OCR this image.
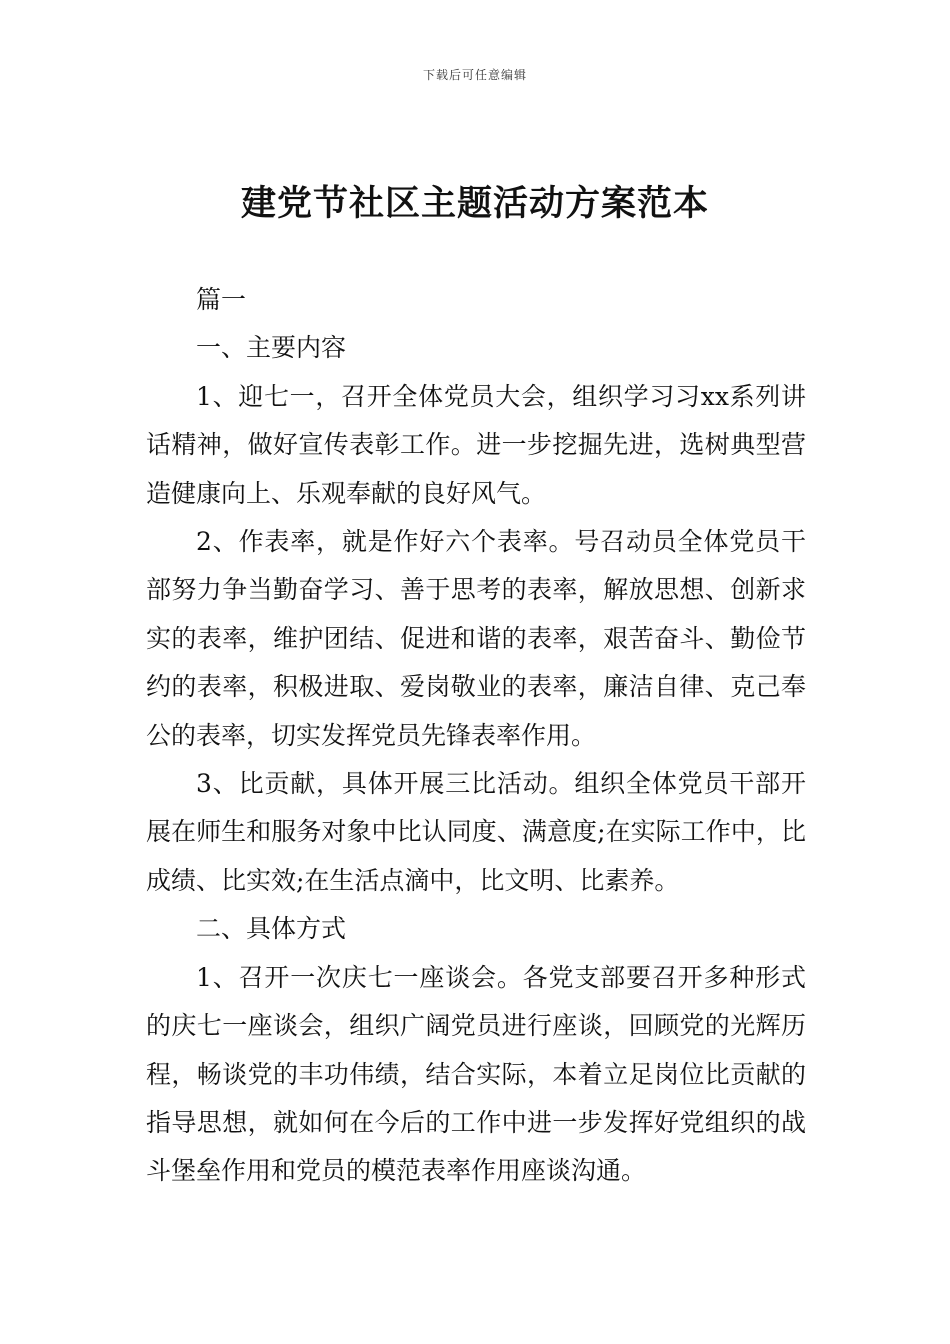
下载后可任意编辑
建党节社区主题活动方案范本

篇一

一、主要内容

1、迎七一，召开全体党员大会，组织学习习xx系列讲话精神，做好宣传表彰工作。进一步挖掘先进，选树典型营造健康向上、乐观奉献的良好风气。

2、作表率，就是作好六个表率。号召动员全体党员干部努力争当勤奋学习、善于思考的表率，解放思想、创新求实的表率，维护团结、促进和谐的表率，艰苦奋斗、勤俭节约的表率，积极进取、爱岗敬业的表率，廉洁自律、克己奉公的表率，切实发挥党员先锋表率作用。

3、比贡献，具体开展三比活动。组织全体党员干部开展在师生和服务对象中比认同度、满意度;在实际工作中，比成绩、比实效;在生活点滴中，比文明、比素养。

二、具体方式

1、召开一次庆七一座谈会。各党支部要召开多种形式的庆七一座谈会，组织广阔党员进行座谈，回顾党的光辉历程，畅谈党的丰功伟绩，结合实际，本着立足岗位比贡献的指导思想，就如何在今后的工作中进一步发挥好党组织的战斗堡垒作用和党员的模范表率作用座谈沟通。
